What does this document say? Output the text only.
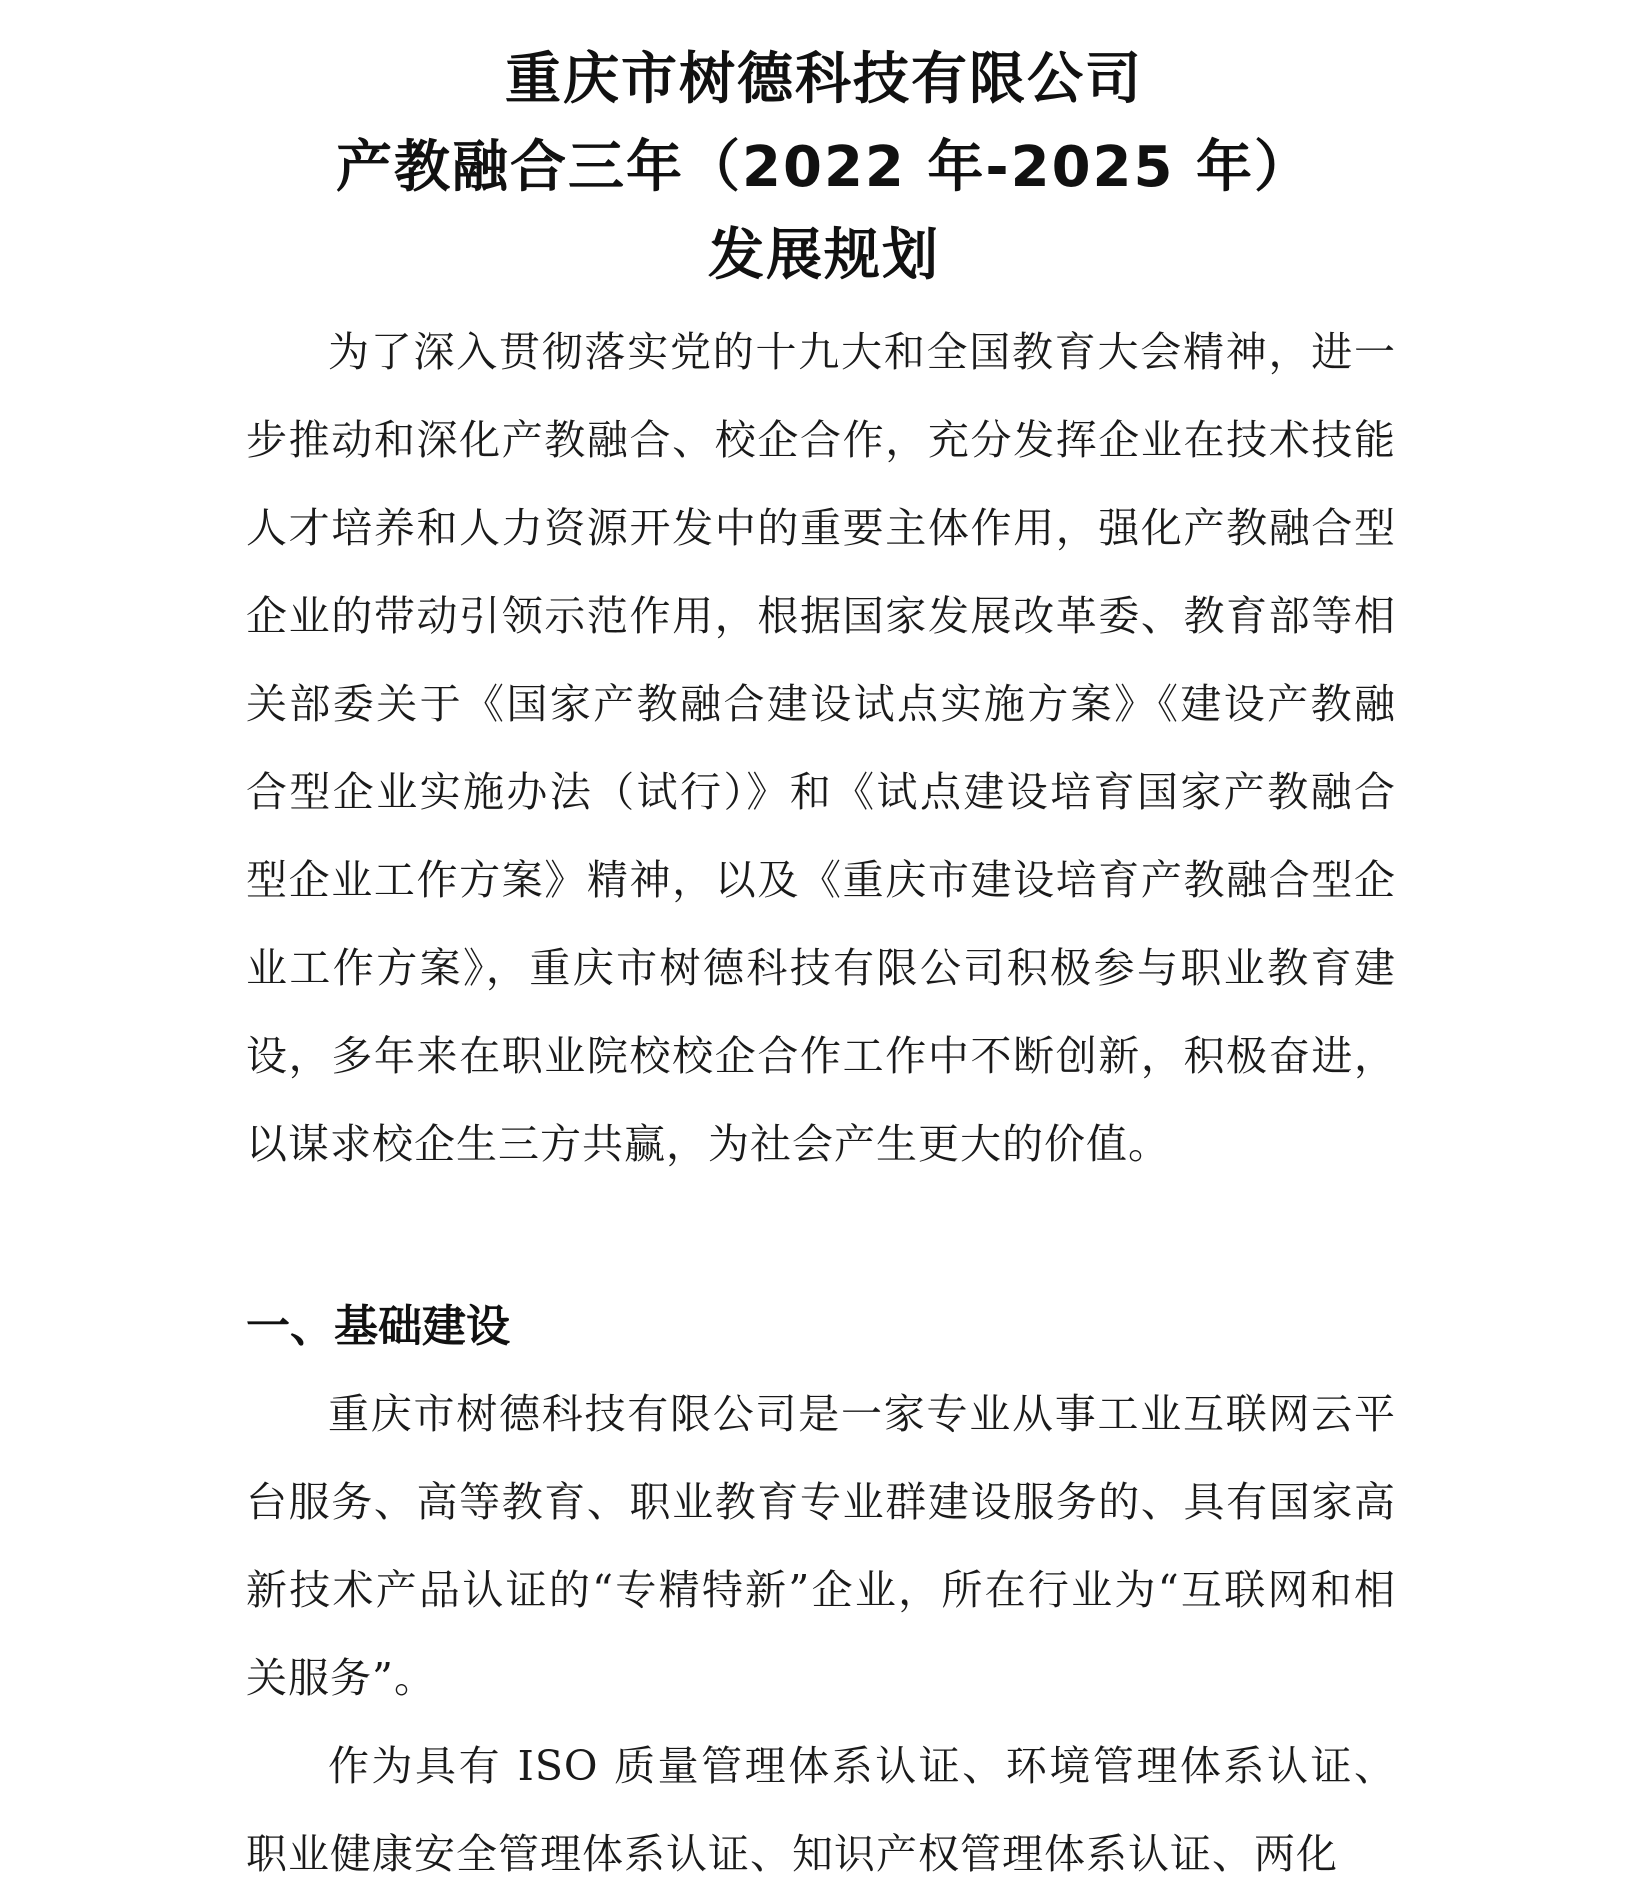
重庆市树德科技有限公司
产教融合三年（2022 年-2025 年）
发展规划

为了深入贯彻落实党的十九大和全国教育大会精神，进一步推动和深化产教融合、校企合作，充分发挥企业在技术技能人才培养和人力资源开发中的重要主体作用，强化产教融合型企业的带动引领示范作用，根据国家发展改革委、教育部等相关部委关于《国家产教融合建设试点实施方案》《建设产教融合型企业实施办法（试行）》和《试点建设培育国家产教融合型企业工作方案》精神，以及《重庆市建设培育产教融合型企业工作方案》，重庆市树德科技有限公司积极参与职业教育建设，多年来在职业院校校企合作工作中不断创新，积极奋进，以谋求校企生三方共赢，为社会产生更大的价值。

一、基础建设

重庆市树德科技有限公司是一家专业从事工业互联网云平台服务、高等教育、职业教育专业群建设服务的、具有国家高新技术产品认证的“专精特新”企业，所在行业为“互联网和相关服务”。

作为具有 ISO 质量管理体系认证、环境管理体系认证、职业健康安全管理体系认证、知识产权管理体系认证、两化
